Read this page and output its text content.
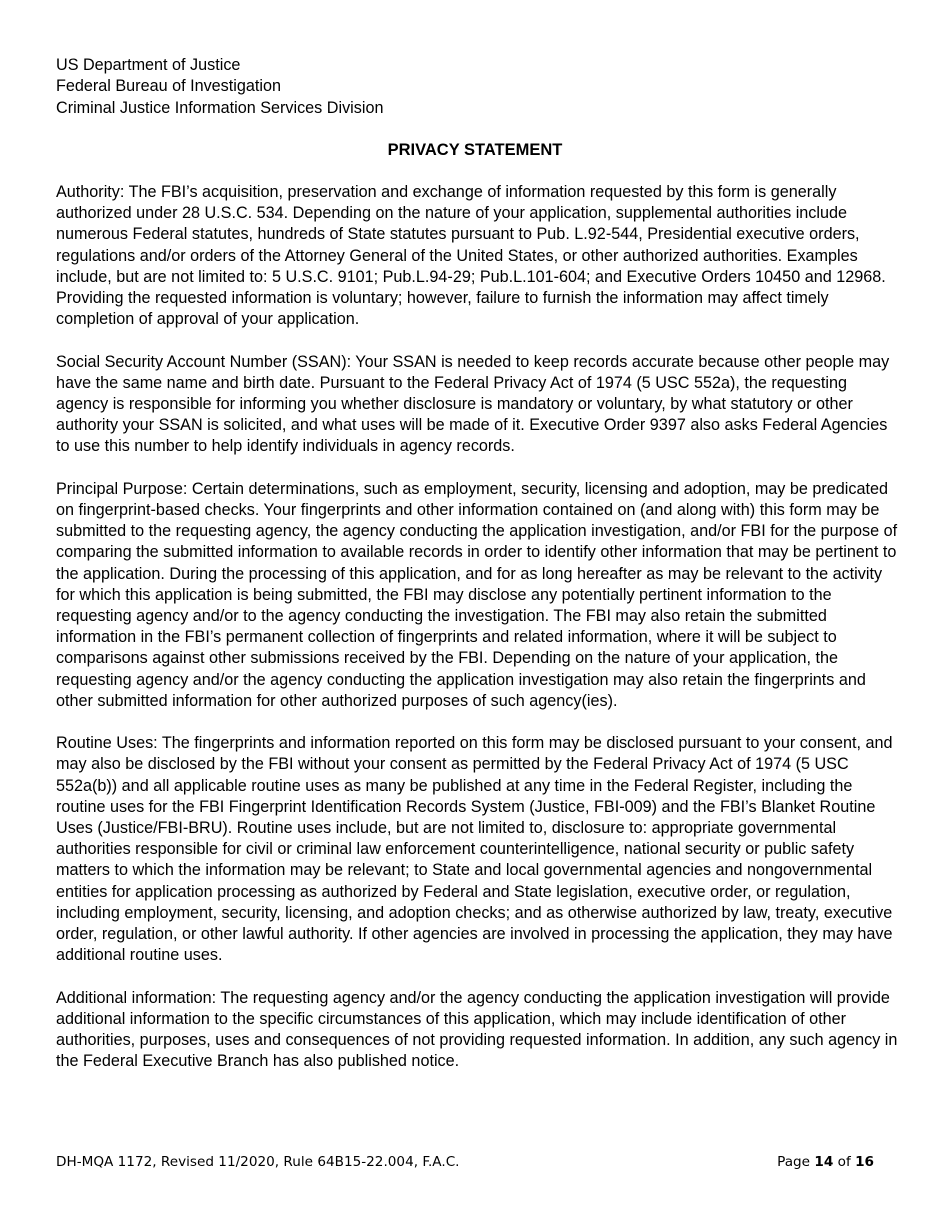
US Department of Justice
Federal Bureau of Investigation
Criminal Justice Information Services Division
PRIVACY STATEMENT

Authority: The FBI’s acquisition, preservation and exchange of information requested by this form is generally authorized under 28 U.S.C. 534. Depending on the nature of your application, supplemental authorities include numerous Federal statutes, hundreds of State statutes pursuant to Pub. L.92-544, Presidential executive orders, regulations and/or orders of the Attorney General of the United States, or other authorized authorities. Examples include, but are not limited to: 5 U.S.C. 9101; Pub.L.94-29; Pub.L.101-604; and Executive Orders 10450 and 12968. Providing the requested information is voluntary; however, failure to furnish the information may affect timely completion of approval of your application.

Social Security Account Number (SSAN): Your SSAN is needed to keep records accurate because other people may have the same name and birth date. Pursuant to the Federal Privacy Act of 1974 (5 USC 552a), the requesting agency is responsible for informing you whether disclosure is mandatory or voluntary, by what statutory or other authority your SSAN is solicited, and what uses will be made of it. Executive Order 9397 also asks Federal Agencies to use this number to help identify individuals in agency records.

Principal Purpose: Certain determinations, such as employment, security, licensing and adoption, may be predicated on fingerprint-based checks. Your fingerprints and other information contained on (and along with) this form may be submitted to the requesting agency, the agency conducting the application investigation, and/or FBI for the purpose of comparing the submitted information to available records in order to identify other information that may be pertinent to the application. During the processing of this application, and for as long hereafter as may be relevant to the activity for which this application is being submitted, the FBI may disclose any potentially pertinent information to the requesting agency and/or to the agency conducting the investigation. The FBI may also retain the submitted information in the FBI’s permanent collection of fingerprints and related information, where it will be subject to comparisons against other submissions received by the FBI. Depending on the nature of your application, the requesting agency and/or the agency conducting the application investigation may also retain the fingerprints and other submitted information for other authorized purposes of such agency(ies).

Routine Uses: The fingerprints and information reported on this form may be disclosed pursuant to your consent, and may also be disclosed by the FBI without your consent as permitted by the Federal Privacy Act of 1974 (5 USC 552a(b)) and all applicable routine uses as many be published at any time in the Federal Register, including the routine uses for the FBI Fingerprint Identification Records System (Justice, FBI-009) and the FBI’s Blanket Routine Uses (Justice/FBI-BRU). Routine uses include, but are not limited to, disclosure to: appropriate governmental authorities responsible for civil or criminal law enforcement counterintelligence, national security or public safety matters to which the information may be relevant; to State and local governmental agencies and nongovernmental entities for application processing as authorized by Federal and State legislation, executive order, or regulation, including employment, security, licensing, and adoption checks; and as otherwise authorized by law, treaty, executive order, regulation, or other lawful authority. If other agencies are involved in processing the application, they may have additional routine uses.

Additional information: The requesting agency and/or the agency conducting the application investigation will provide additional information to the specific circumstances of this application, which may include identification of other authorities, purposes, uses and consequences of not providing requested information. In addition, any such agency in the Federal Executive Branch has also published notice.

DH-MQA 1172, Revised 11/2020, Rule 64B15-22.004, F.A.C.	Page 14 of 16
